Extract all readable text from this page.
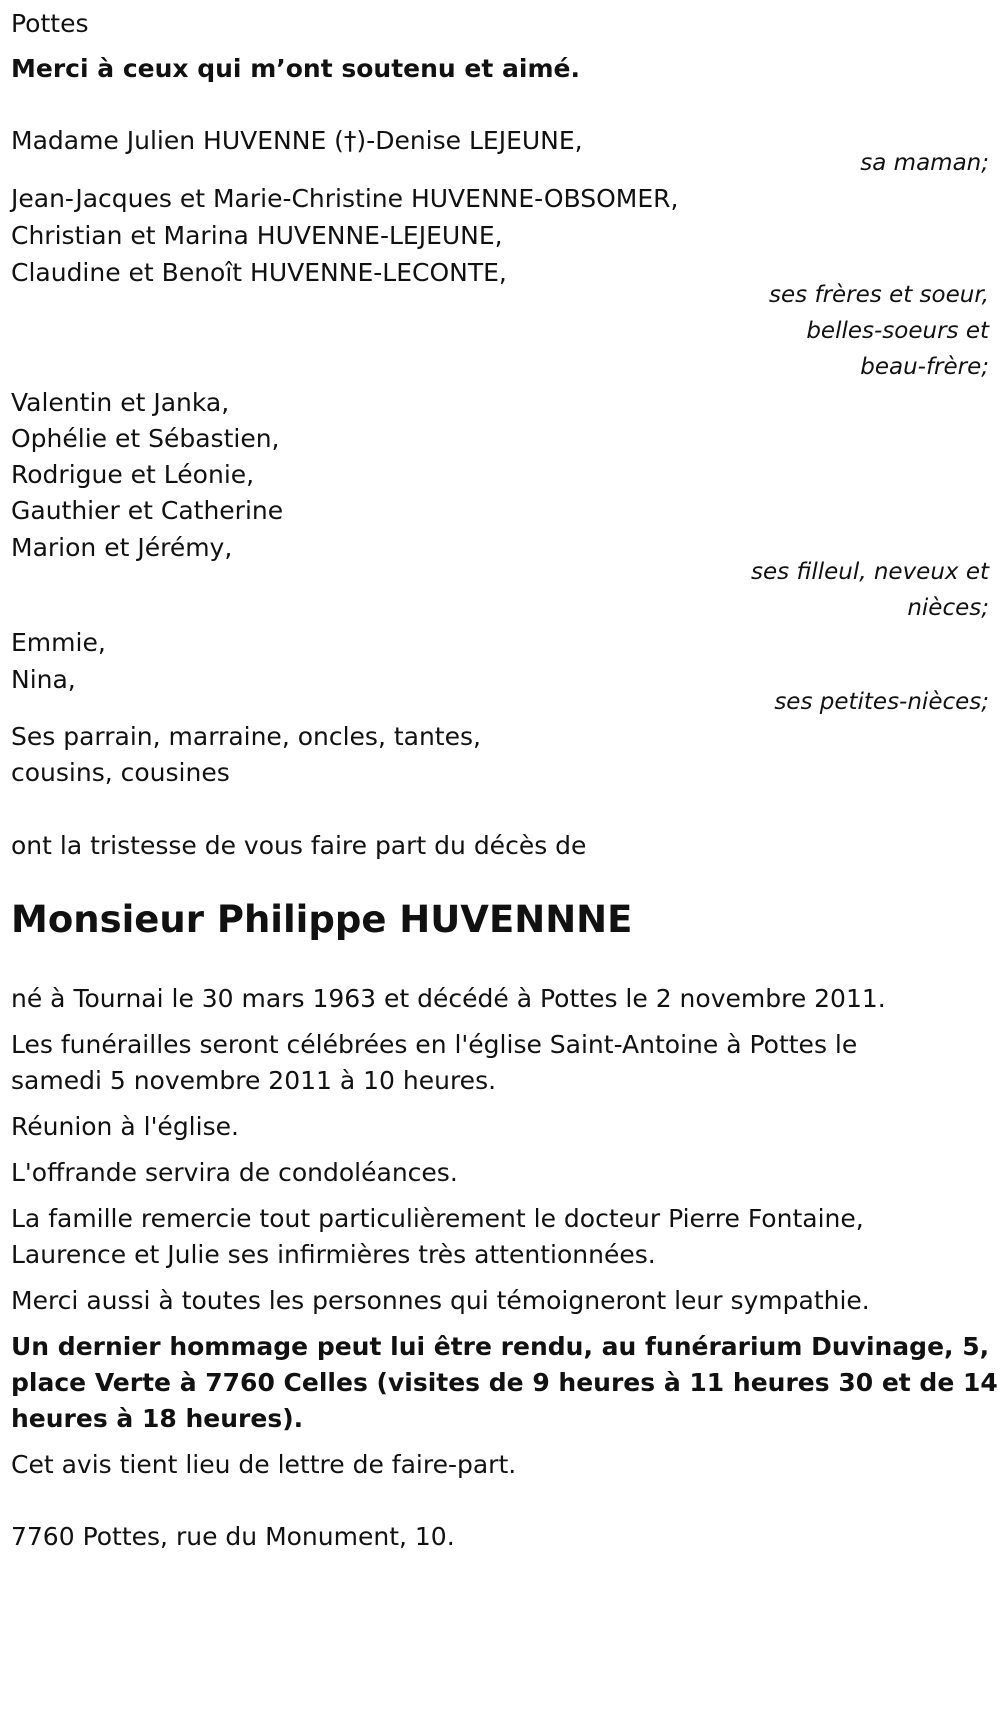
Pottes

Merci à ceux qui m’ont soutenu et aimé.

Madame Julien HUVENNE (†)-Denise LEJEUNE,

sa maman;

Jean-Jacques et Marie-Christine HUVENNE-OBSOMER,

Christian et Marina HUVENNE-LEJEUNE,

Claudine et Benoît HUVENNE-LECONTE,

ses frères et soeur,

belles-soeurs et

beau-frère;

Valentin et Janka,

Ophélie et Sébastien,

Rodrigue et Léonie,

Gauthier et Catherine

Marion et Jérémy,

ses filleul, neveux et

nièces;

Emmie,

Nina,

ses petites-nièces;

Ses parrain, marraine, oncles, tantes,

cousins, cousines

ont la tristesse de vous faire part du décès de

Monsieur Philippe HUVENNNE

né à Tournai le 30 mars 1963 et décédé à Pottes le 2 novembre 2011.

Les funérailles seront célébrées en l'église Saint-Antoine à Pottes le

samedi 5 novembre 2011 à 10 heures.

Réunion à l'église.

L'offrande servira de condoléances.

La famille remercie tout particulièrement le docteur Pierre Fontaine,

Laurence et Julie ses infirmières très attentionnées.

Merci aussi à toutes les personnes qui témoigneront leur sympathie.

Un dernier hommage peut lui être rendu, au funérarium Duvinage, 5,

place Verte à 7760 Celles (visites de 9 heures à 11 heures 30 et de 14

heures à 18 heures).

Cet avis tient lieu de lettre de faire-part.

7760 Pottes, rue du Monument, 10.
